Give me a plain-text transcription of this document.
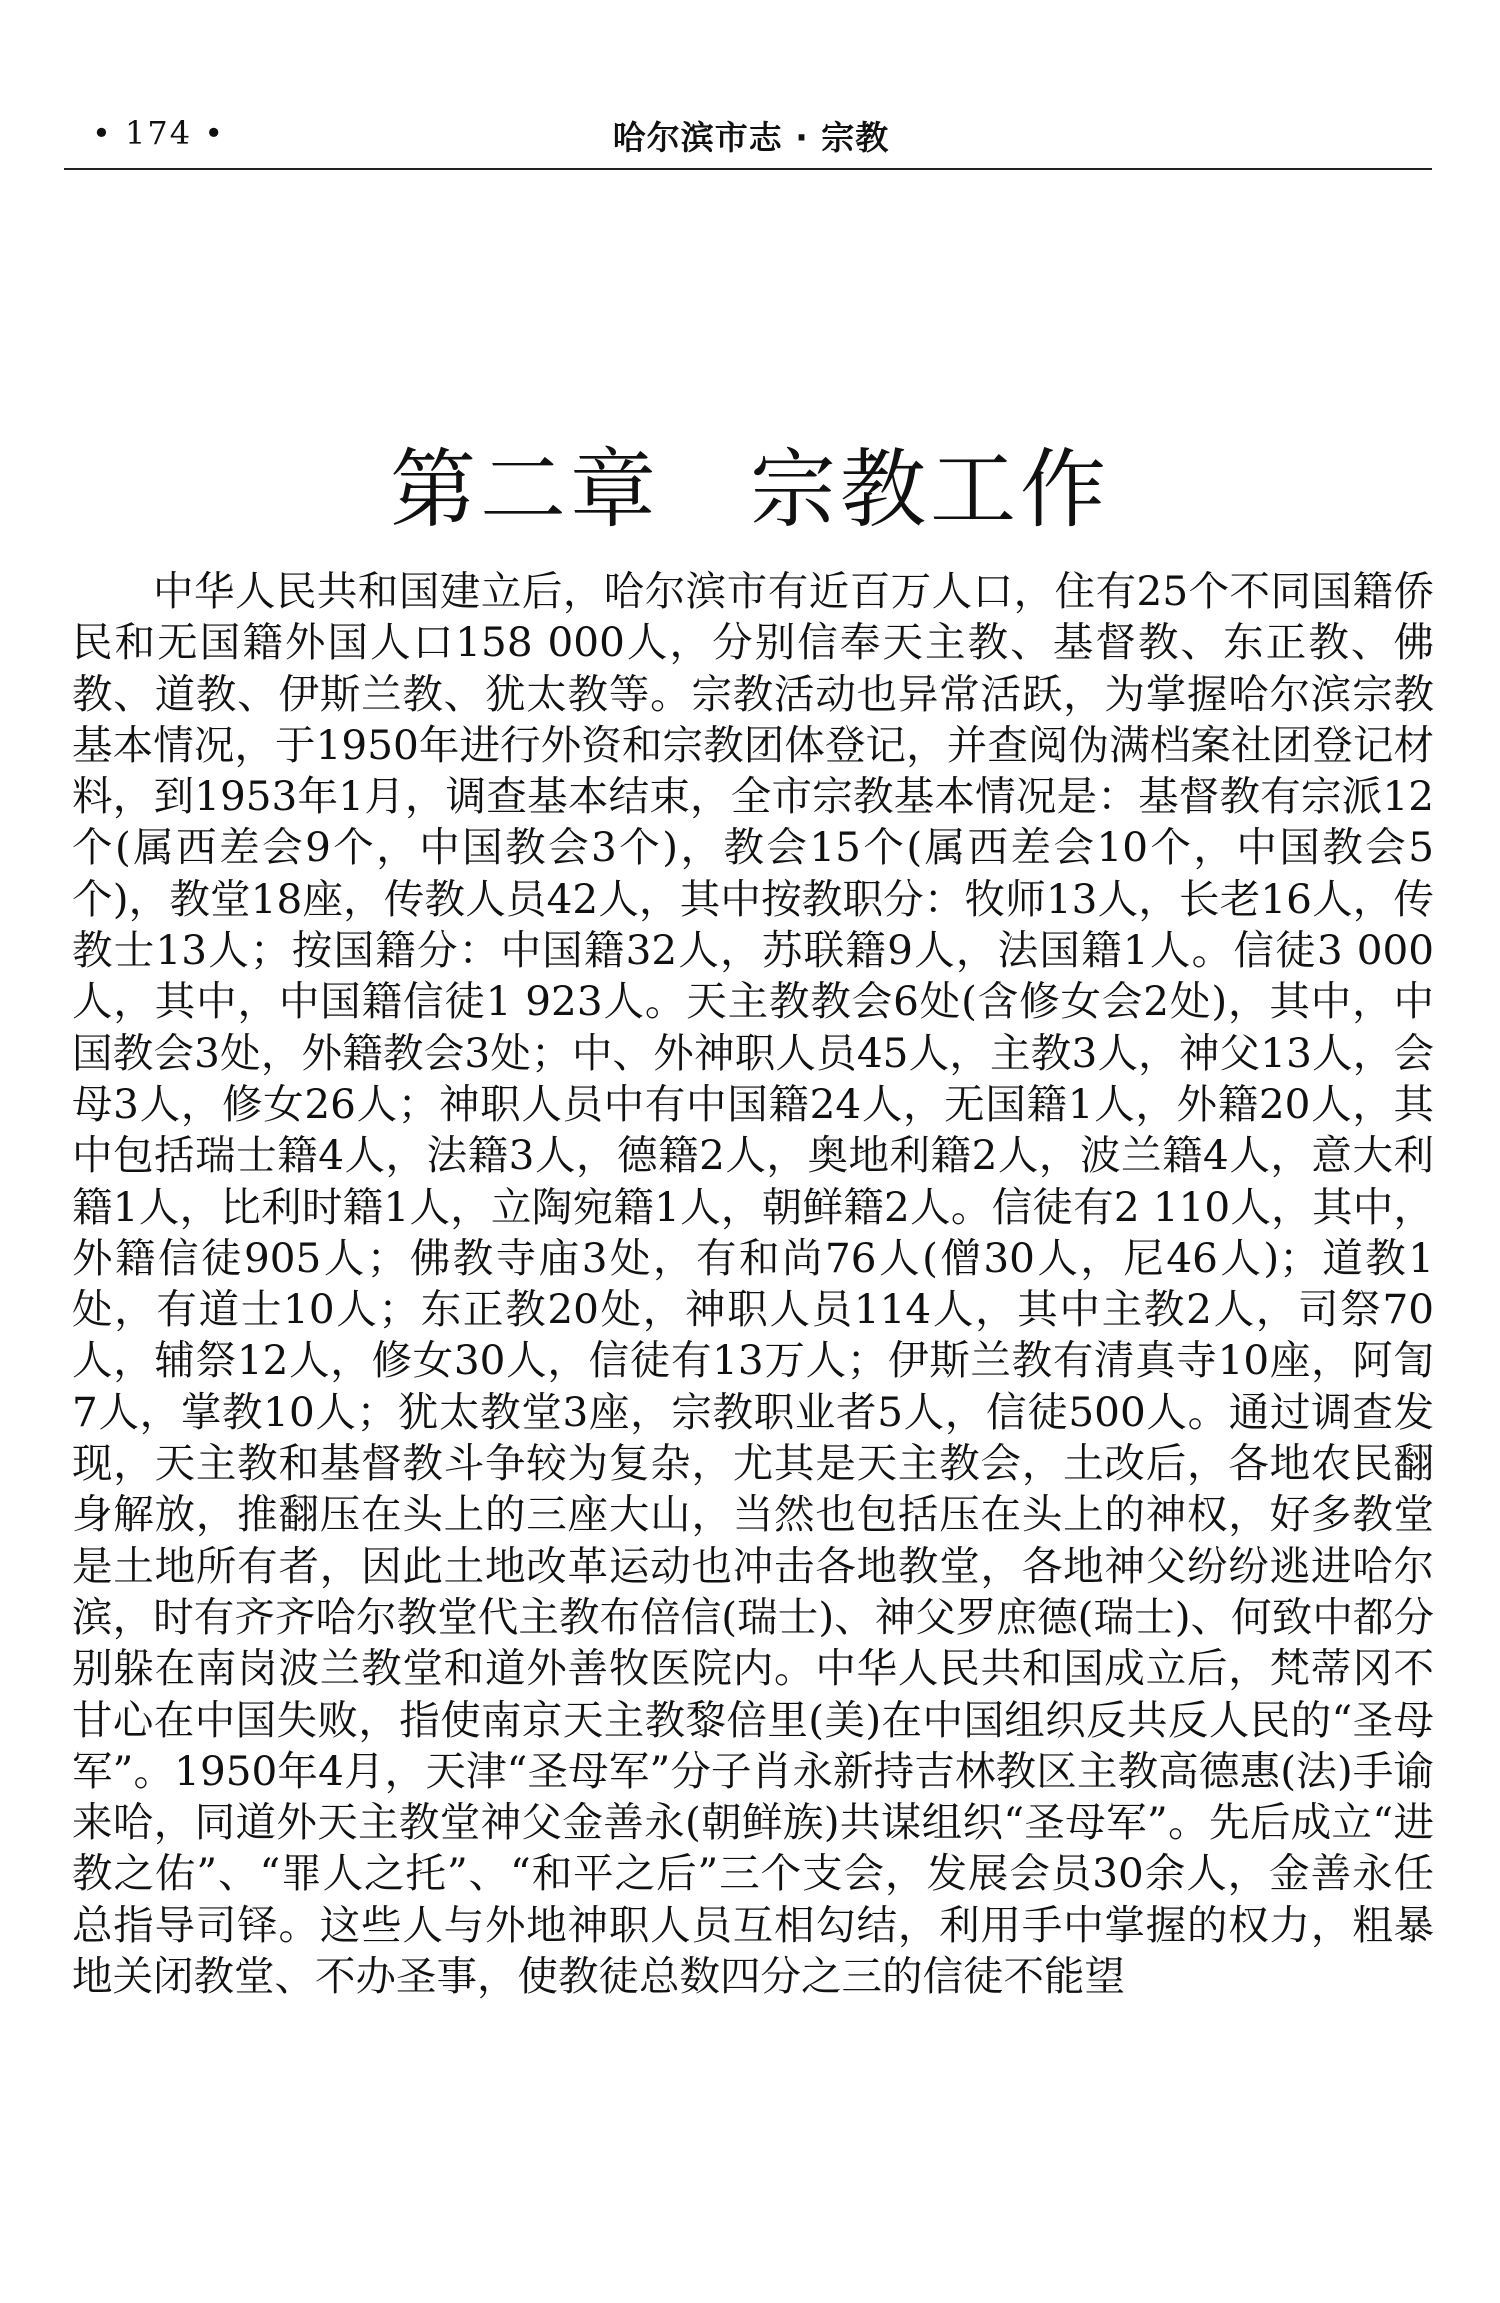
• 174 •	哈尔滨市志 · 宗教
第二章　宗教工作

中华人民共和国建立后，哈尔滨市有近百万人口，住有25个不同国籍侨民和无国籍外国人口158 000人，分别信奉天主教、基督教、东正教、佛教、道教、伊斯兰教、犹太教等。宗教活动也异常活跃，为掌握哈尔滨宗教基本情况，于1950年进行外资和宗教团体登记，并查阅伪满档案社团登记材料，到1953年1月，调查基本结束，全市宗教基本情况是：基督教有宗派12个(属西差会9个，中国教会3个)，教会15个(属西差会10个，中国教会5个)，教堂18座，传教人员42人，其中按教职分：牧师13人，长老16人，传教士13人；按国籍分：中国籍32人，苏联籍9人，法国籍1人。信徒3 000人，其中，中国籍信徒1 923人。天主教教会6处(含修女会2处)，其中，中国教会3处，外籍教会3处；中、外神职人员45人，主教3人，神父13人，会母3人，修女26人；神职人员中有中国籍24人，无国籍1人，外籍20人，其中包括瑞士籍4人，法籍3人，德籍2人，奥地利籍2人，波兰籍4人，意大利籍1人，比利时籍1人，立陶宛籍1人，朝鲜籍2人。信徒有2 110人，其中，外籍信徒905人；佛教寺庙3处，有和尚76人(僧30人，尼46人)；道教1处，有道士10人；东正教20处，神职人员114人，其中主教2人，司祭70人，辅祭12人，修女30人，信徒有13万人；伊斯兰教有清真寺10座，阿訇7人，掌教10人；犹太教堂3座，宗教职业者5人，信徒500人。通过调查发现，天主教和基督教斗争较为复杂，尤其是天主教会，土改后，各地农民翻身解放，推翻压在头上的三座大山，当然也包括压在头上的神权，好多教堂是土地所有者，因此土地改革运动也冲击各地教堂，各地神父纷纷逃进哈尔滨，时有齐齐哈尔教堂代主教布倍信(瑞士)、神父罗庶德(瑞士)、何致中都分别躲在南岗波兰教堂和道外善牧医院内。中华人民共和国成立后，梵蒂冈不甘心在中国失败，指使南京天主教黎倍里(美)在中国组织反共反人民的“圣母军”。1950年4月，天津“圣母军”分子肖永新持吉林教区主教高德惠(法)手谕来哈，同道外天主教堂神父金善永(朝鲜族)共谋组织“圣母军”。先后成立“进教之佑”、“罪人之托”、“和平之后”三个支会，发展会员30余人，金善永任总指导司铎。这些人与外地神职人员互相勾结，利用手中掌握的权力，粗暴地关闭教堂、不办圣事，使教徒总数四分之三的信徒不能望
